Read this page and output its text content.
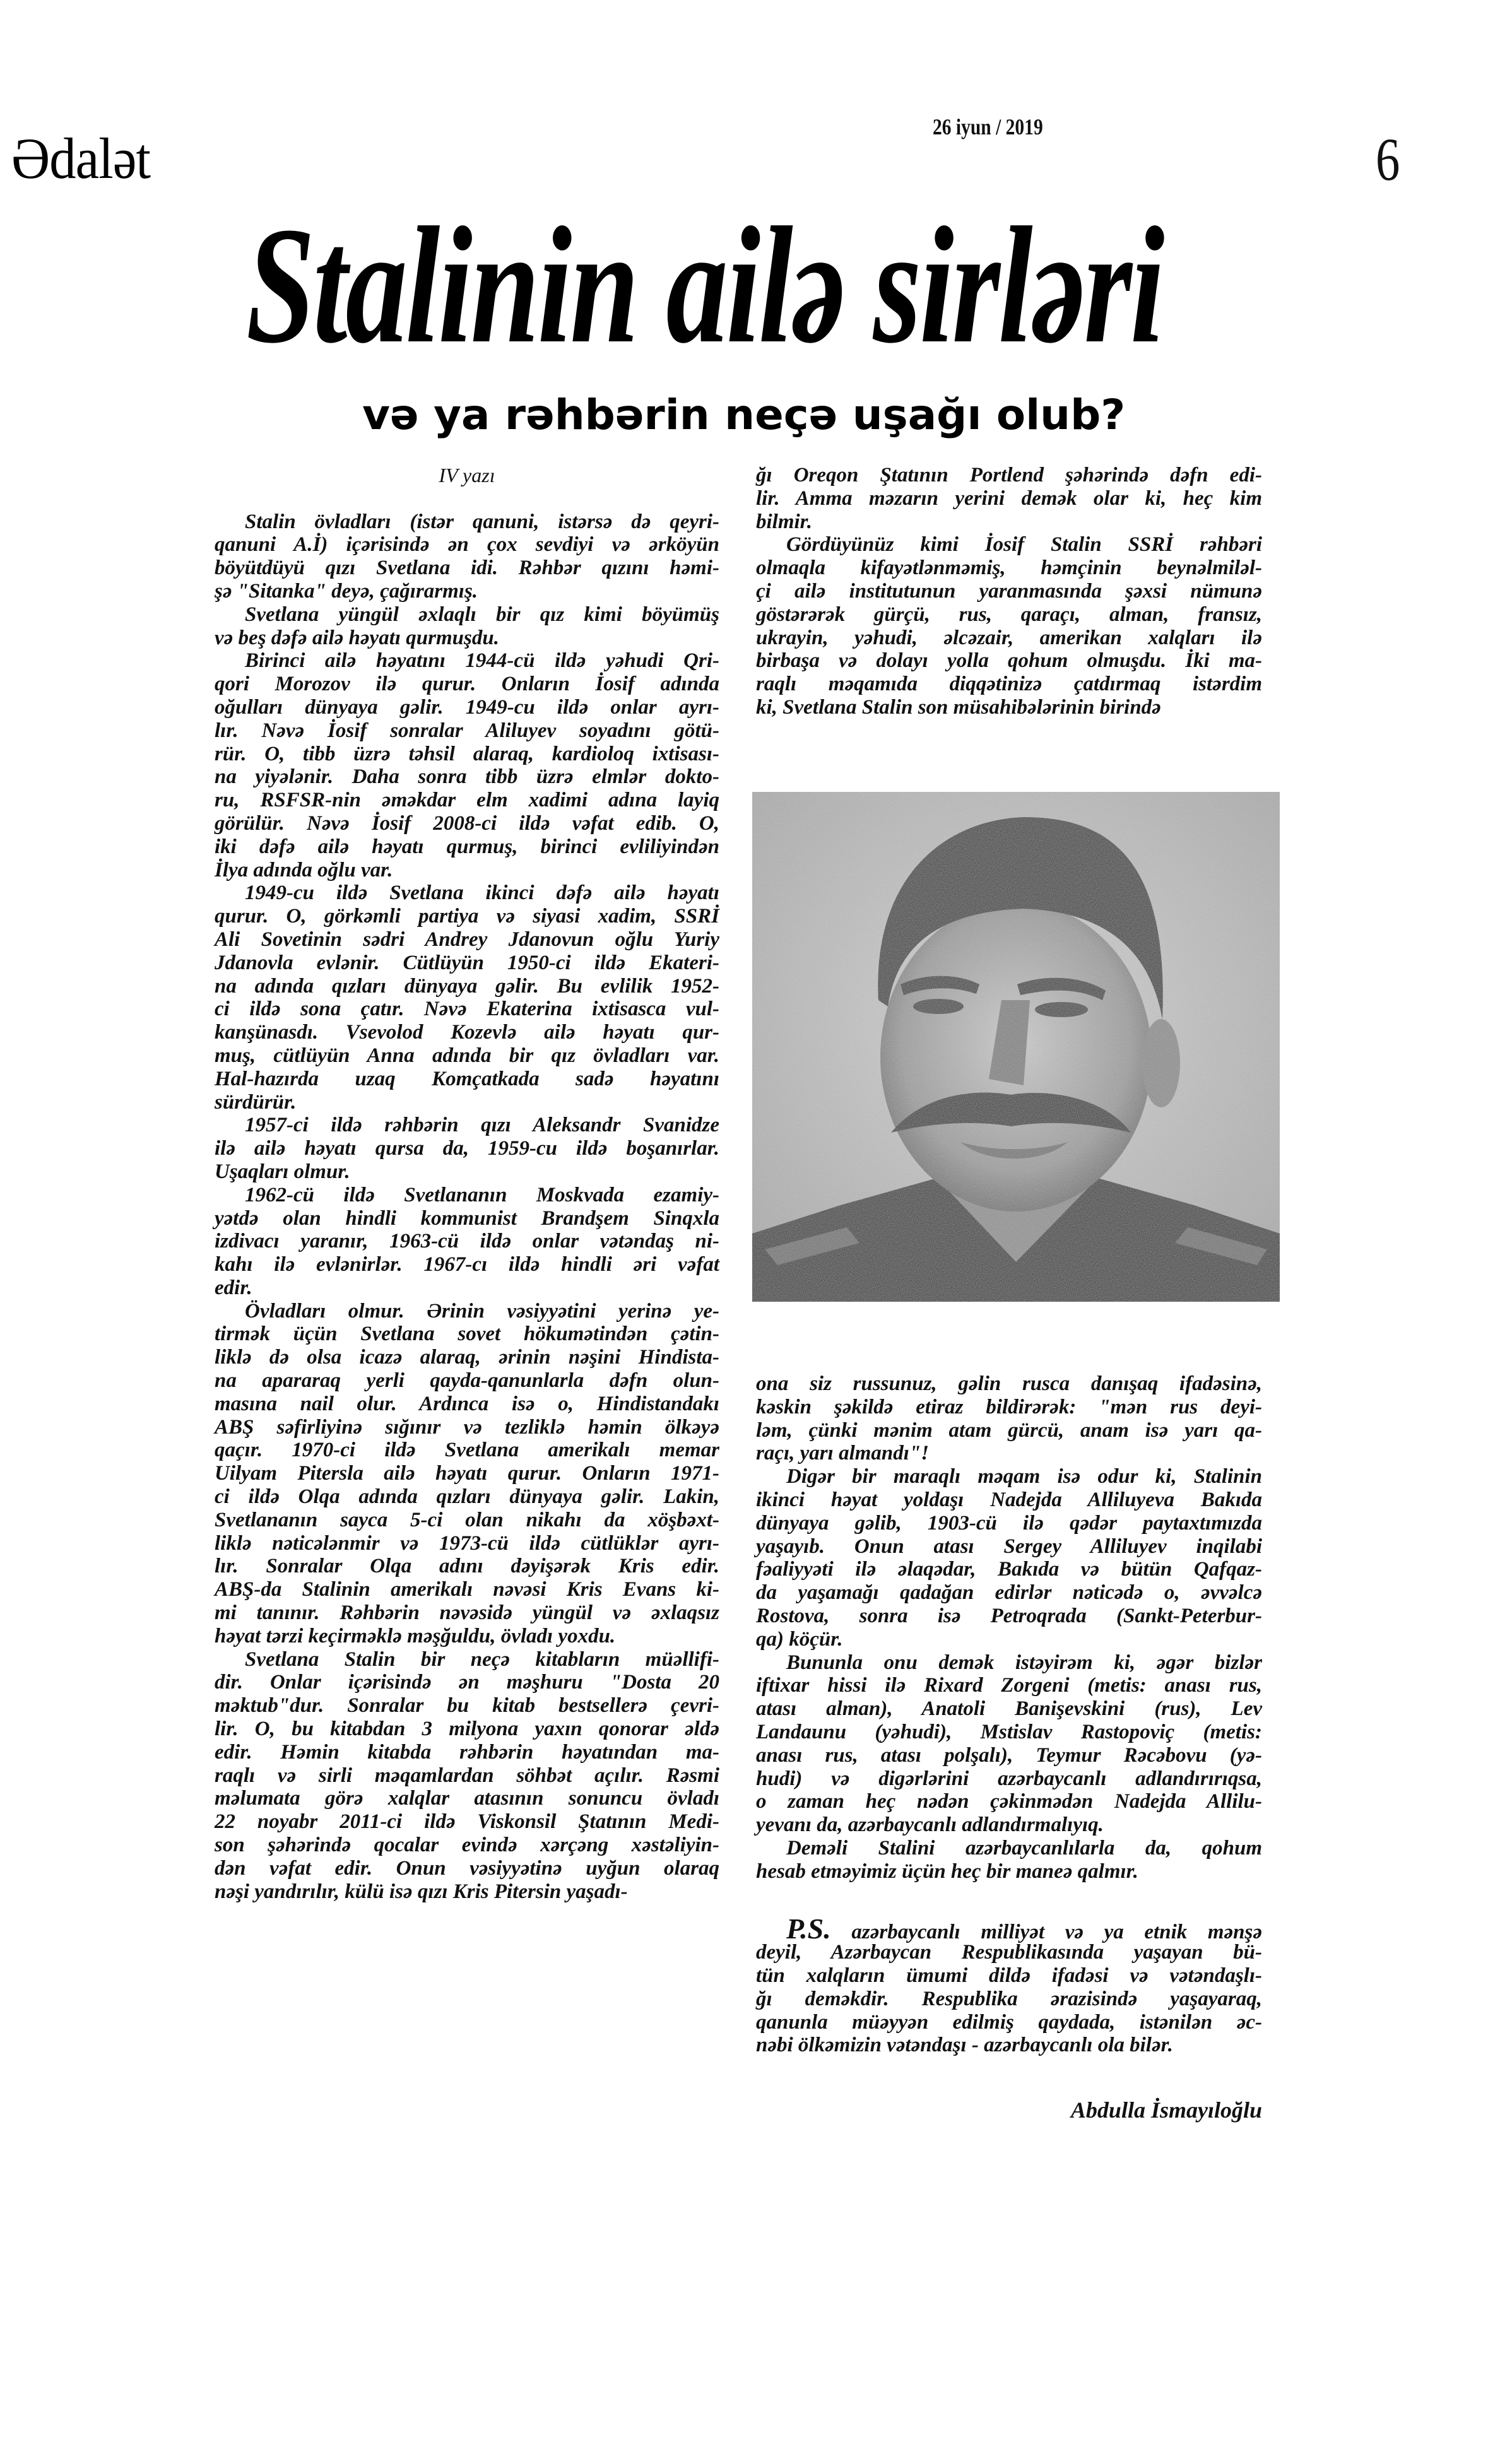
Ədalət	26 iyun / 2019	6
Stalinin ailə sirləri
və ya rəhbərin neçə uşağı olub?
IV yazı
Stalin övladları (istər qanuni, istərsə də qeyri-
qanuni A.İ) içərisində ən çox sevdiyi və ərköyün
böyütdüyü qızı Svetlana idi. Rəhbər qızını həmi-
şə "Sitanka" deyə, çağırarmış.
Svetlana yüngül əxlaqlı bir qız kimi böyümüş
və beş dəfə ailə həyatı qurmuşdu.
Birinci ailə həyatını 1944-cü ildə yəhudi Qri-
qori Morozov ilə qurur. Onların İosif adında
oğulları dünyaya gəlir. 1949-cu ildə onlar ayrı-
lır. Nəvə İosif sonralar Aliluyev soyadını götü-
rür. O, tibb üzrə təhsil alaraq, kardioloq ixtisası-
na yiyələnir. Daha sonra tibb üzrə elmlər dokto-
ru, RSFSR-nin əməkdar elm xadimi adına layiq
görülür. Nəvə İosif 2008-ci ildə vəfat edib. O,
iki dəfə ailə həyatı qurmuş, birinci evliliyindən
İlya adında oğlu var.
1949-cu ildə Svetlana ikinci dəfə ailə həyatı
qurur. O, görkəmli partiya və siyasi xadim, SSRİ
Ali Sovetinin sədri Andrey Jdanovun oğlu Yuriy
Jdanovla evlənir. Cütlüyün 1950-ci ildə Ekateri-
na adında qızları dünyaya gəlir. Bu evlilik 1952-
ci ildə sona çatır. Nəvə Ekaterina ixtisasca vul-
kanşünasdı. Vsevolod Kozevlə ailə həyatı qur-
muş, cütlüyün Anna adında bir qız övladları var.
Hal-hazırda uzaq Komçatkada sadə həyatını
sürdürür.
1957-ci ildə rəhbərin qızı Aleksandr Svanidze
ilə ailə həyatı qursa da, 1959-cu ildə boşanırlar.
Uşaqları olmur.
1962-cü ildə Svetlananın Moskvada ezamiy-
yətdə olan hindli kommunist Brandşem Sinqxla
izdivacı yaranır, 1963-cü ildə onlar vətəndaş ni-
kahı ilə evlənirlər. 1967-cı ildə hindli əri vəfat
edir.
Övladları olmur. Ərinin vəsiyyətini yerinə ye-
tirmək üçün Svetlana sovet hökumətindən çətin-
liklə də olsa icazə alaraq, ərinin nəşini Hindista-
na apararaq yerli qayda-qanunlarla dəfn olun-
masına nail olur. Ardınca isə o, Hindistandakı
ABŞ səfirliyinə sığınır və tezliklə həmin ölkəyə
qaçır. 1970-ci ildə Svetlana amerikalı memar
Uilyam Pitersla ailə həyatı qurur. Onların 1971-
ci ildə Olqa adında qızları dünyaya gəlir. Lakin,
Svetlananın sayca 5-ci olan nikahı da xöşbəxt-
liklə nəticələnmir və 1973-cü ildə cütlüklər ayrı-
lır. Sonralar Olqa adını dəyişərək Kris edir.
ABŞ-da Stalinin amerikalı nəvəsi Kris Evans ki-
mi tanınır. Rəhbərin nəvəsidə yüngül və əxlaqsız
həyat tərzi keçirməklə məşğuldu, övladı yoxdu.
Svetlana Stalin bir neçə kitabların müəllifi-
dir. Onlar içərisində ən məşhuru "Dosta 20
məktub"dur. Sonralar bu kitab bestsellerə çevri-
lir. O, bu kitabdan 3 milyona yaxın qonorar əldə
edir. Həmin kitabda rəhbərin həyatından ma-
raqlı və sirli məqamlardan söhbət açılır. Rəsmi
məlumata görə xalqlar atasının sonuncu övladı
22 noyabr 2011-ci ildə Viskonsil Ştatının Medi-
son şəhərində qocalar evində xərçəng xəstəliyin-
dən vəfat edir. Onun vəsiyyətinə uyğun olaraq
nəşi yandırılır, külü isə qızı Kris Pitersin yaşadı-
ğı Oreqon Ştatının Portlend şəhərində dəfn edi-
lir. Amma məzarın yerini demək olar ki, heç kim
bilmir.
Gördüyünüz kimi İosif Stalin SSRİ rəhbəri
olmaqla kifayətlənməmiş, həmçinin beynəlmiləl-
çi ailə institutunun yaranmasında şəxsi nümunə
göstərərək gürçü, rus, qaraçı, alman, fransız,
ukrayin, yəhudi, əlcəzair, amerikan xalqları ilə
birbaşa və dolayı yolla qohum olmuşdu. İki ma-
raqlı məqamıda diqqətinizə çatdırmaq istərdim
ki, Svetlana Stalin son müsahibələrinin birində
ona siz russunuz, gəlin rusca danışaq ifadəsinə,
kəskin şəkildə etiraz bildirərək: "mən rus deyi-
ləm, çünki mənim atam gürcü, anam isə yarı qa-
raçı, yarı almandı"!
Digər bir maraqlı məqam isə odur ki, Stalinin
ikinci həyat yoldaşı Nadejda Alliluyeva Bakıda
dünyaya gəlib, 1903-cü ilə qədər paytaxtımızda
yaşayıb. Onun atası Sergey Alliluyev inqilabi
fəaliyyəti ilə əlaqədar, Bakıda və bütün Qafqaz-
da yaşamağı qadağan edirlər nəticədə o, əvvəlcə
Rostova, sonra isə Petroqrada (Sankt-Peterbur-
qa) köçür.
Bununla onu demək istəyirəm ki, əgər bizlər
iftixar hissi ilə Rixard Zorgeni (metis: anası rus,
atası alman), Anatoli Banişevskini (rus), Lev
Landaunu (yəhudi), Mstislav Rastopoviç (metis:
anası rus, atası polşalı), Teymur Rəcəbovu (yə-
hudi) və digərlərini azərbaycanlı adlandırırıqsa,
o zaman heç nədən çəkinmədən Nadejda Allilu-
yevanı da, azərbaycanlı adlandırmalıyıq.
Deməli Stalini azərbaycanlılarla da, qohum
hesab etməyimiz üçün heç bir maneə qalmır.
P.S. azərbaycanlı milliyət və ya etnik mənşə
deyil, Azərbaycan Respublikasında yaşayan bü-
tün xalqların ümumi dildə ifadəsi və vətəndaşlı-
ğı deməkdir. Respublika ərazisində yaşayaraq,
qanunla müəyyən edilmiş qaydada, istənilən əc-
nəbi ölkəmizin vətəndaşı - azərbaycanlı ola bilər.
Abdulla İsmayıloğlu
